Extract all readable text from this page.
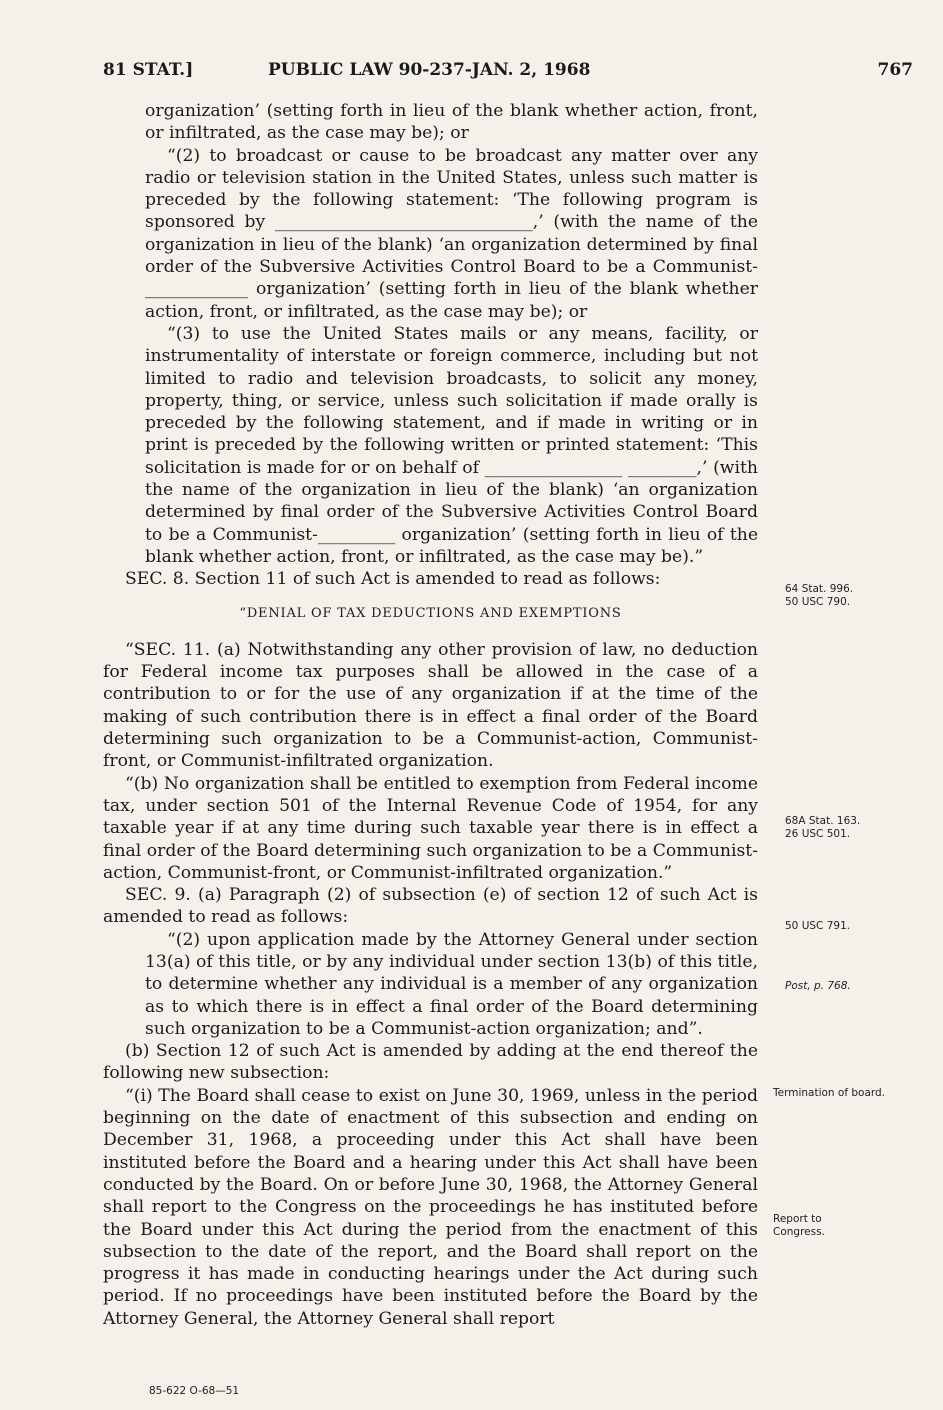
81 STAT.]	PUBLIC LAW 90-237-JAN. 2, 1968	767

organization’ (setting forth in lieu of the blank whether action, front, or infiltrated, as the case may be); or

“(2) to broadcast or cause to be broadcast any matter over any radio or television station in the United States, unless such matter is preceded by the following statement: ‘The following program is sponsored by ______________________________,’ (with the name of the organization in lieu of the blank) ‘an organization determined by final order of the Subversive Activities Control Board to be a Communist-____________ organization’ (setting forth in lieu of the blank whether action, front, or infiltrated, as the case may be); or

“(3) to use the United States mails or any means, facility, or instrumentality of interstate or foreign commerce, including but not limited to radio and television broadcasts, to solicit any money, property, thing, or service, unless such solicitation if made orally is preceded by the following statement, and if made in writing or in print is preceded by the following written or printed statement: ‘This solicitation is made for or on behalf of ________________ ________,’ (with the name of the organization in lieu of the blank) ‘an organization determined by final order of the Subversive Activities Control Board to be a Communist-_________ organization’ (setting forth in lieu of the blank whether action, front, or infiltrated, as the case may be).”

SEC. 8. Section 11 of such Act is amended to read as follows:

“DENIAL OF TAX DEDUCTIONS AND EXEMPTIONS

“SEC. 11. (a) Notwithstanding any other provision of law, no deduction for Federal income tax purposes shall be allowed in the case of a contribution to or for the use of any organization if at the time of the making of such contribution there is in effect a final order of the Board determining such organization to be a Communist-action, Communist-front, or Communist-infiltrated organization.

“(b) No organization shall be entitled to exemption from Federal income tax, under section 501 of the Internal Revenue Code of 1954, for any taxable year if at any time during such taxable year there is in effect a final order of the Board determining such organization to be a Communist-action, Communist-front, or Communist-infiltrated organization.”

SEC. 9. (a) Paragraph (2) of subsection (e) of section 12 of such Act is amended to read as follows:

“(2) upon application made by the Attorney General under section 13(a) of this title, or by any individual under section 13(b) of this title, to determine whether any individual is a member of any organization as to which there is in effect a final order of the Board determining such organization to be a Communist-action organization; and”.

(b) Section 12 of such Act is amended by adding at the end thereof the following new subsection:

“(i) The Board shall cease to exist on June 30, 1969, unless in the period beginning on the date of enactment of this subsection and ending on December 31, 1968, a proceeding under this Act shall have been instituted before the Board and a hearing under this Act shall have been conducted by the Board. On or before June 30, 1968, the Attorney General shall report to the Congress on the proceedings he has instituted before the Board under this Act during the period from the enactment of this subsection to the date of the report, and the Board shall report on the progress it has made in conducting hearings under the Act during such period. If no proceedings have been instituted before the Board by the Attorney General, the Attorney General shall report

64 Stat. 996.
50 USC 790.
68A Stat. 163.
26 USC 501.
50 USC 791.
Post, p. 768.
Termination of board.
Report to Congress.
85-622 O-68—51
